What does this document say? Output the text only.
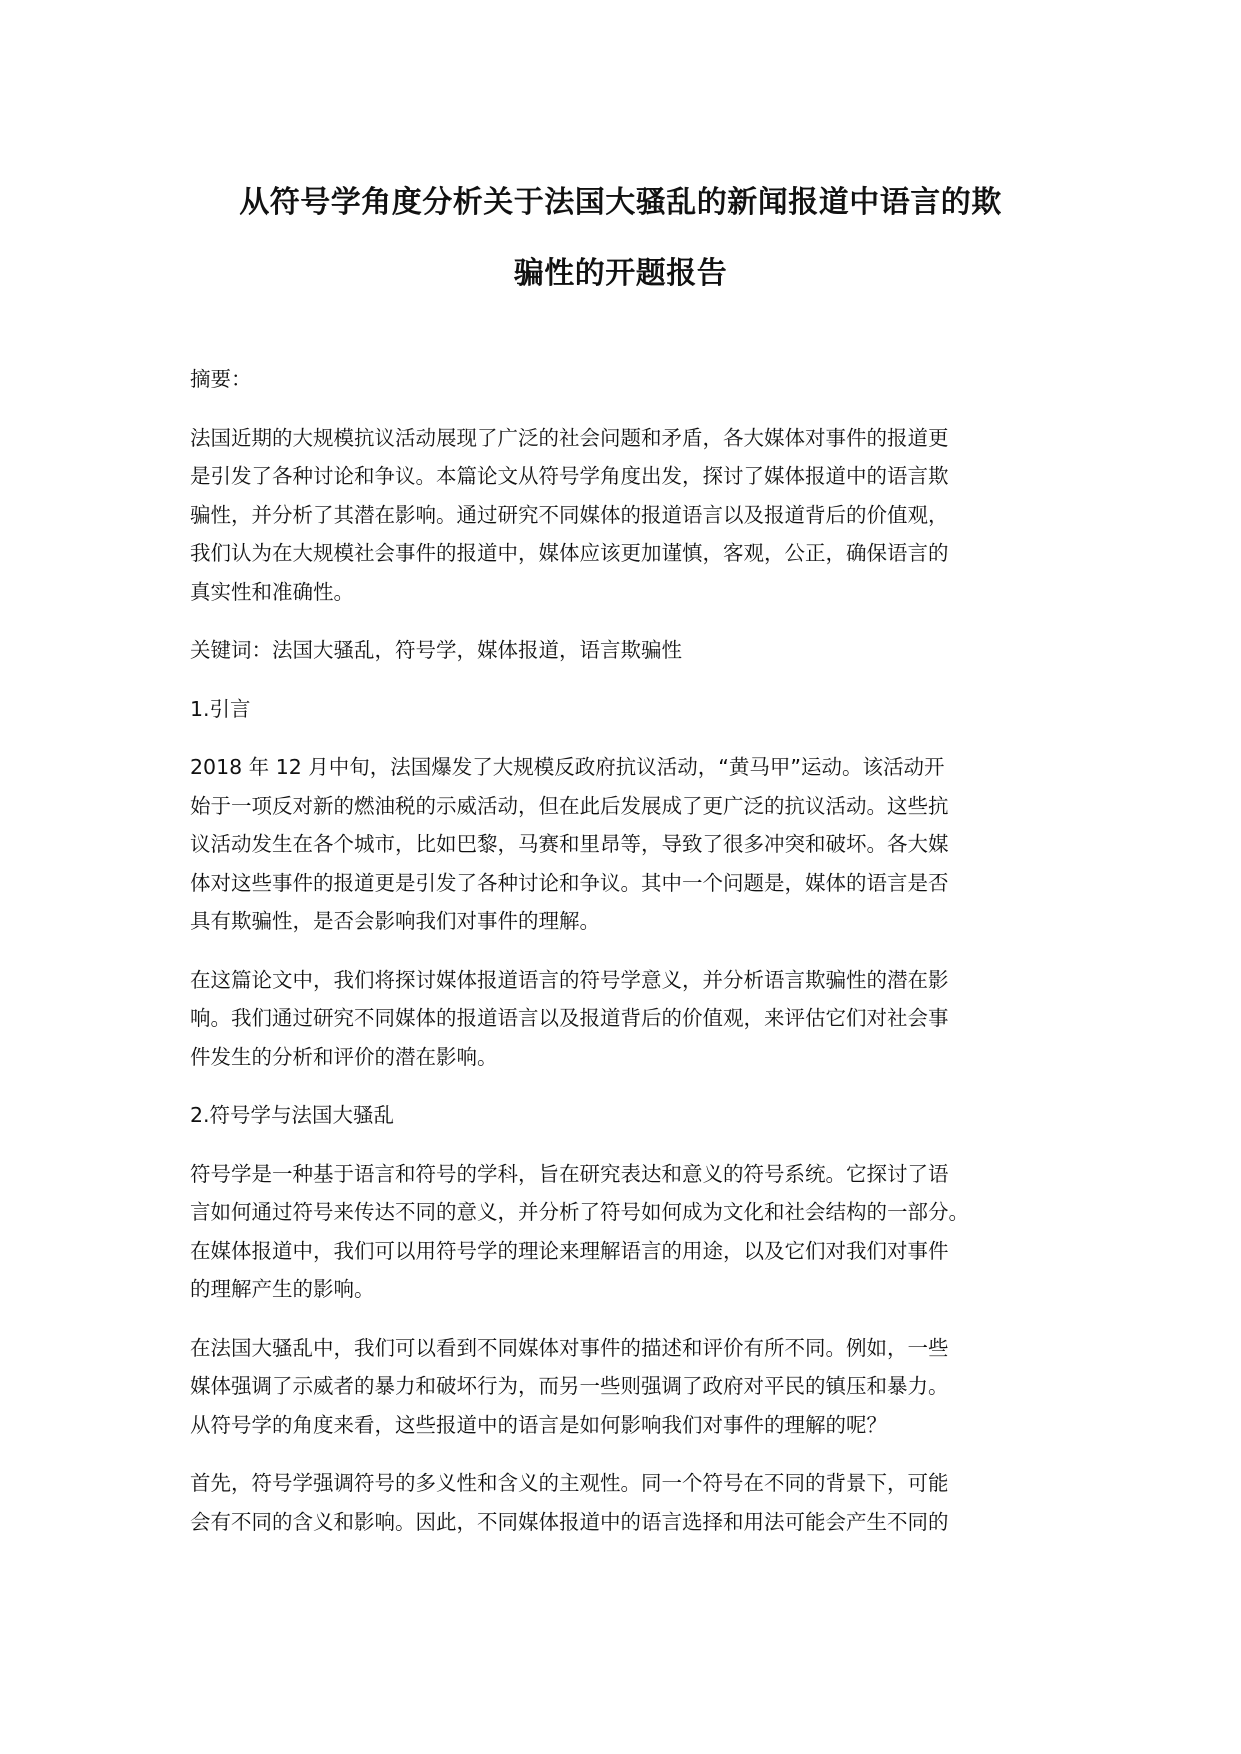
从符号学角度分析关于法国大骚乱的新闻报道中语言的欺
骗性的开题报告

摘要：

法国近期的大规模抗议活动展现了广泛的社会问题和矛盾，各大媒体对事件的报道更
是引发了各种讨论和争议。本篇论文从符号学角度出发，探讨了媒体报道中的语言欺
骗性，并分析了其潜在影响。通过研究不同媒体的报道语言以及报道背后的价值观，
我们认为在大规模社会事件的报道中，媒体应该更加谨慎，客观，公正，确保语言的
真实性和准确性。

关键词：法国大骚乱，符号学，媒体报道，语言欺骗性

1.引言

2018 年 12 月中旬，法国爆发了大规模反政府抗议活动，“黄马甲”运动。该活动开
始于一项反对新的燃油税的示威活动，但在此后发展成了更广泛的抗议活动。这些抗
议活动发生在各个城市，比如巴黎，马赛和里昂等，导致了很多冲突和破坏。各大媒
体对这些事件的报道更是引发了各种讨论和争议。其中一个问题是，媒体的语言是否
具有欺骗性，是否会影响我们对事件的理解。

在这篇论文中，我们将探讨媒体报道语言的符号学意义，并分析语言欺骗性的潜在影
响。我们通过研究不同媒体的报道语言以及报道背后的价值观，来评估它们对社会事
件发生的分析和评价的潜在影响。

2.符号学与法国大骚乱

符号学是一种基于语言和符号的学科，旨在研究表达和意义的符号系统。它探讨了语
言如何通过符号来传达不同的意义，并分析了符号如何成为文化和社会结构的一部分。
在媒体报道中，我们可以用符号学的理论来理解语言的用途，以及它们对我们对事件
的理解产生的影响。

在法国大骚乱中，我们可以看到不同媒体对事件的描述和评价有所不同。例如，一些
媒体强调了示威者的暴力和破坏行为，而另一些则强调了政府对平民的镇压和暴力。
从符号学的角度来看，这些报道中的语言是如何影响我们对事件的理解的呢？

首先，符号学强调符号的多义性和含义的主观性。同一个符号在不同的背景下，可能
会有不同的含义和影响。因此，不同媒体报道中的语言选择和用法可能会产生不同的
